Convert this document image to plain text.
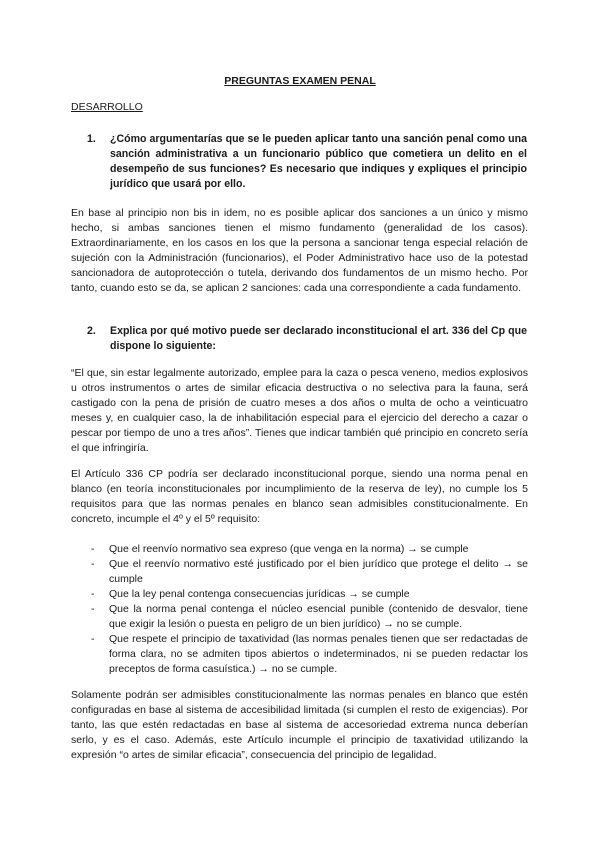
PREGUNTAS EXAMEN PENAL
DESARROLLO
1. ¿Cómo argumentarías que se le pueden aplicar tanto una sanción penal como una sanción administrativa a un funcionario público que cometiera un delito en el desempeño de sus funciones? Es necesario que indiques y expliques el principio jurídico que usará por ello.

En base al principio non bis in idem, no es posible aplicar dos sanciones a un único y mismo hecho, si ambas sanciones tienen el mismo fundamento (generalidad de los casos). Extraordinariamente, en los casos en los que la persona a sancionar tenga especial relación de sujeción con la Administración (funcionarios), el Poder Administrativo hace uso de la potestad sancionadora de autoprotección o tutela, derivando dos fundamentos de un mismo hecho. Por tanto, cuando esto se da, se aplican 2 sanciones: cada una correspondiente a cada fundamento.

2. Explica por qué motivo puede ser declarado inconstitucional el art. 336 del Cp que dispone lo siguiente:

“El que, sin estar legalmente autorizado, emplee para la caza o pesca veneno, medios explosivos u otros instrumentos o artes de similar eficacia destructiva o no selectiva para la fauna, será castigado con la pena de prisión de cuatro meses a dos años o multa de ocho a veinticuatro meses y, en cualquier caso, la de inhabilitación especial para el ejercicio del derecho a cazar o pescar por tiempo de uno a tres años”. Tienes que indicar también qué principio en concreto sería el que infringiría.

El Artículo 336 CP podría ser declarado inconstitucional porque, siendo una norma penal en blanco (en teoría inconstitucionales por incumplimiento de la reserva de ley), no cumple los 5 requisitos para que las normas penales en blanco sean admisibles constitucionalmente. En concreto, incumple el 4º y el 5º requisito:

- Que el reenvío normativo sea expreso (que venga en la norma) → se cumple
- Que el reenvío normativo esté justificado por el bien jurídico que protege el delito → se cumple
- Que la ley penal contenga consecuencias jurídicas → se cumple
- Que la norma penal contenga el núcleo esencial punible (contenido de desvalor, tiene que exigir la lesión o puesta en peligro de un bien jurídico) → no se cumple.
- Que respete el principio de taxatividad (las normas penales tienen que ser redactadas de forma clara, no se admiten tipos abiertos o indeterminados, ni se pueden redactar los preceptos de forma casuística.) → no se cumple.

Solamente podrán ser admisibles constitucionalmente las normas penales en blanco que estén configuradas en base al sistema de accesibilidad limitada (si cumplen el resto de exigencias). Por tanto, las que estén redactadas en base al sistema de accesoriedad extrema nunca deberían serlo, y es el caso. Además, este Artículo incumple el principio de taxatividad utilizando la expresión “o artes de similar eficacia”, consecuencia del principio de legalidad.
